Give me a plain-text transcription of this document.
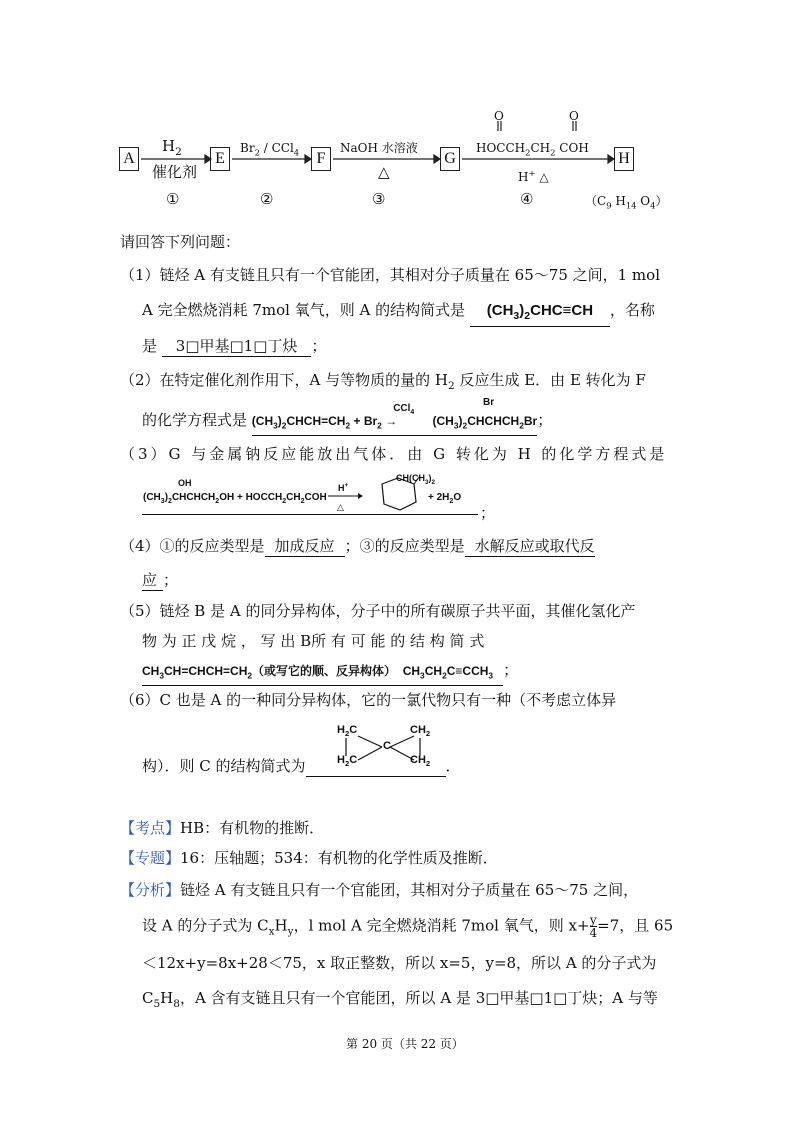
A	E	F	G	H
$H_2$
催化剂
①
$Br_2 / CCl_4$
②
NaOH 水溶液
△
③
O	O
$HOCCH_2CH_2$ COH
H+ △
④	（$C_9$ $H_{14}$ $O_4$）
请回答下列问题：
（1）链烃 A 有支链且只有一个官能团，其相对分子质量在 65～75 之间，1 mol
A 完全燃烧消耗 7mol 氧气，则 A 的结构简式是 $(CH_3)_2CHC\equiv CH$ ，名称
是 3□甲基□1□丁炔 ；
（2）在特定催化剂作用下，A 与等物质的量的 $H_2$ 反应生成 E．由 E 转化为 F
的化学方程式是 $(CH_3)_2CHCH=CH_2 + Br_2$
CCl$_4$
→	$(CH_3)_2CHCHCH_2Br$；
Br
（3）G 与金属钠反应能放出气体．由 G 转化为 H 的化学方程式是
OH
$(CH_3)_2CHCHCH_2OH$ + $HOCCH_2CH_2COH$
H+
△
$CH(CH_3)_2$
+ $2H_2O$
；
（4）①的反应类型是 加成反应 ；③的反应类型是 水解反应或取代反
应 ；
（5）链烃 B 是 A 的同分异构体，分子中的所有碳原子共平面，其催化氢化产
物 为 正 戊 烷 ， 写 出 B所 有 可 能 的 结 构 简 式
$CH_3CH=CHCH=CH_2$（或写它的顺、反异构体）  $CH_3CH_2C\equiv CCH_3$ ；
（6）C 也是 A 的一种同分异构体，它的一氯代物只有一种（不考虑立体异
构）．则 C 的结构简式为	．
$H_2C$
$H_2C$
C
$CH_2$
$CH_2$
【考点】HB：有机物的推断．
【专题】16：压轴题；534：有机物的化学性质及推断．
【分析】链烃 A 有支链且只有一个官能团，其相对分子质量在 65～75 之间，
设 A 的分子式为 $C_xH_y$，l mol A 完全燃烧消耗 7mol 氧气，则 $x+ \frac{y}{4} =7$，且 65
＜12x+y=8x+28＜75，x 取正整数，所以 x=5，y=8，所以 A 的分子式为
$C_5H_8$，A 含有支链且只有一个官能团，所以 A 是 3□甲基□1□丁炔；A 与等
第 20 页（共 22 页）
